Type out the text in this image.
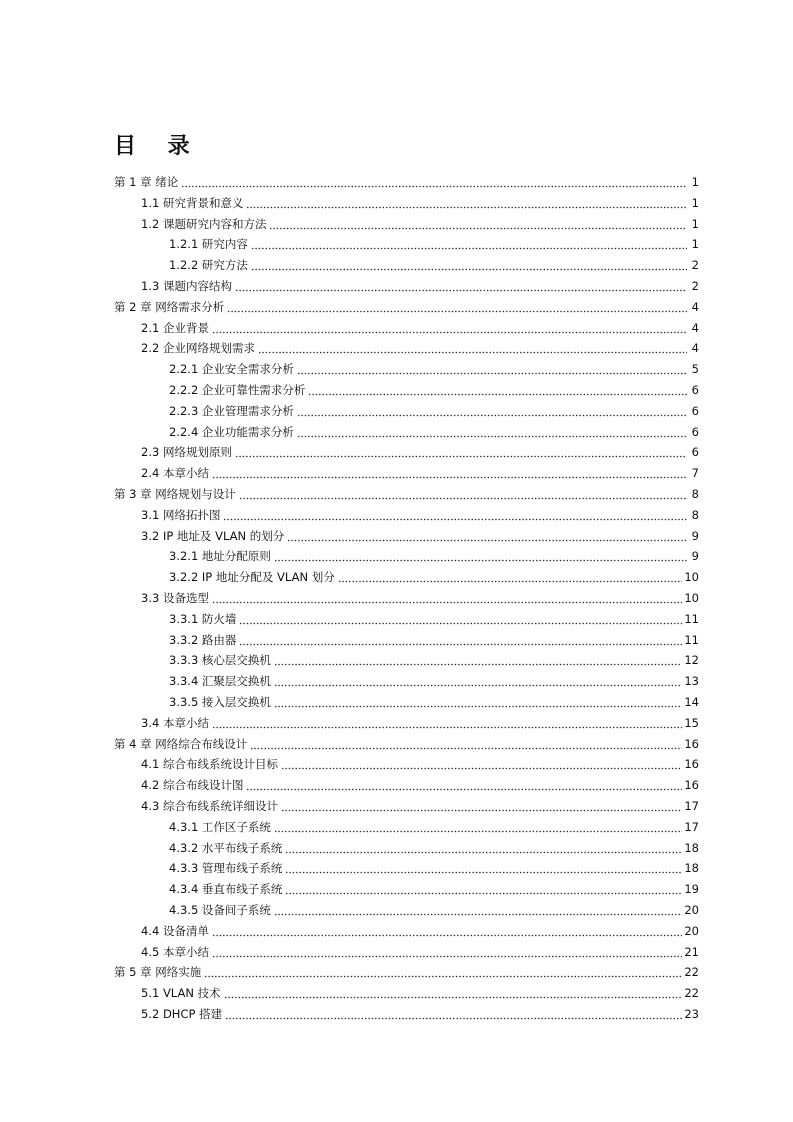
目 录
第 1 章 绪论	1
1.1 研究背景和意义	1
1.2 课题研究内容和方法	1
1.2.1 研究内容	1
1.2.2 研究方法	2
1.3 课题内容结构	2
第 2 章 网络需求分析	4
2.1 企业背景	4
2.2 企业网络规划需求	4
2.2.1 企业安全需求分析	5
2.2.2 企业可靠性需求分析	6
2.2.3 企业管理需求分析	6
2.2.4 企业功能需求分析	6
2.3 网络规划原则	6
2.4 本章小结	7
第 3 章 网络规划与设计	8
3.1 网络拓扑图	8
3.2 IP 地址及 VLAN 的划分	9
3.2.1 地址分配原则	9
3.2.2 IP 地址分配及 VLAN 划分	10
3.3 设备选型	10
3.3.1 防火墙	11
3.3.2 路由器	11
3.3.3 核心层交换机	12
3.3.4 汇聚层交换机	13
3.3.5 接入层交换机	14
3.4 本章小结	15
第 4 章 网络综合布线设计	16
4.1 综合布线系统设计目标	16
4.2 综合布线设计图	16
4.3 综合布线系统详细设计	17
4.3.1 工作区子系统	17
4.3.2 水平布线子系统	18
4.3.3 管理布线子系统	18
4.3.4 垂直布线子系统	19
4.3.5 设备间子系统	20
4.4 设备清单	20
4.5 本章小结	21
第 5 章 网络实施	22
5.1 VLAN 技术	22
5.2 DHCP 搭建	23
